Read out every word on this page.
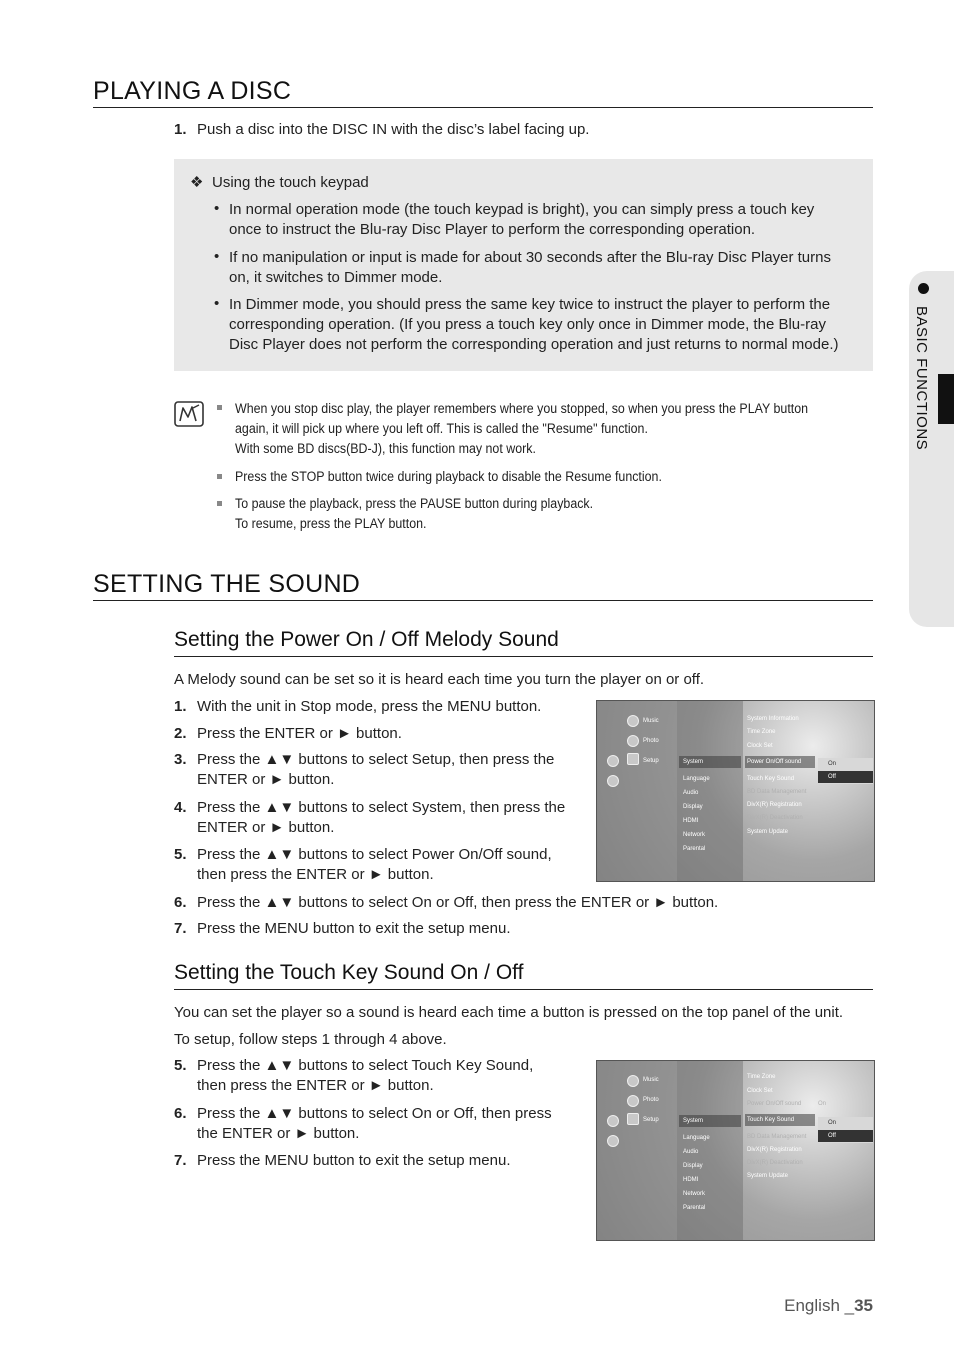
BASIC FUNCTIONS
PLAYING A DISC
1. Push a disc into the DISC IN with the disc’s label facing up.
❖ Using the touch keypad
• In normal operation mode (the touch keypad is bright), you can simply press a touch key
once to instruct the Blu-ray Disc Player to perform the corresponding operation.
• If no manipulation or input is made for about 30 seconds after the Blu-ray Disc Player turns
on, it switches to Dimmer mode.
• In Dimmer mode, you should press the same key twice to instruct the player to perform the
corresponding operation. (If you press a touch key only once in Dimmer mode, the Blu-ray
Disc Player does not perform the corresponding operation and just returns to normal mode.)
When you stop disc play, the player remembers where you stopped, so when you press the PLAY button
again, it will pick up where you left off. This is called the "Resume" function.
With some BD discs(BD-J), this function may not work.
Press the STOP button twice during playback to disable the Resume function.
To pause the playback, press the PAUSE button during playback.
To resume, press the PLAY button.
SETTING THE SOUND
Setting the Power On / Off Melody Sound
A Melody sound can be set so it is heard each time you turn the player on or off.
1. With the unit in Stop mode, press the MENU button.
2. Press the ENTER or ► button.
3. Press the ▲▼ buttons to select Setup, then press the
ENTER or ► button.
4. Press the ▲▼ buttons to select System, then press the
ENTER or ► button.
5. Press the ▲▼ buttons to select Power On/Off sound,
then press the ENTER or ► button.
6. Press the ▲▼ buttons to select On or Off, then press the ENTER or ► button.
7. Press the MENU button to exit the setup menu.
Music
Photo
Setup	System
Language
Audio
Display
HDMI
Network
Parental
System Information
Time Zone
Clock Set
Power On/Off sound
Touch Key Sound
BD Data Management
DivX(R) Registration
DivX(R) Deactivation
System Update
On
Off
Setting the Touch Key Sound On / Off
You can set the player so a sound is heard each time a button is pressed on the top panel of the unit.
To setup, follow steps 1 through 4 above.
5. Press the ▲▼ buttons to select Touch Key Sound,
then press the ENTER or ► button.
6. Press the ▲▼ buttons to select On or Off, then press
the ENTER or ► button.
7. Press the MENU button to exit the setup menu.
Music
Photo
Setup	System
Language
Audio
Display
HDMI
Network
Parental
Time Zone
Clock Set
Power On/Off sound	On
Touch Key Sound
BD Data Management
DivX(R) Registration
DivX(R) Deactivation
System Update
On
Off
English _35
